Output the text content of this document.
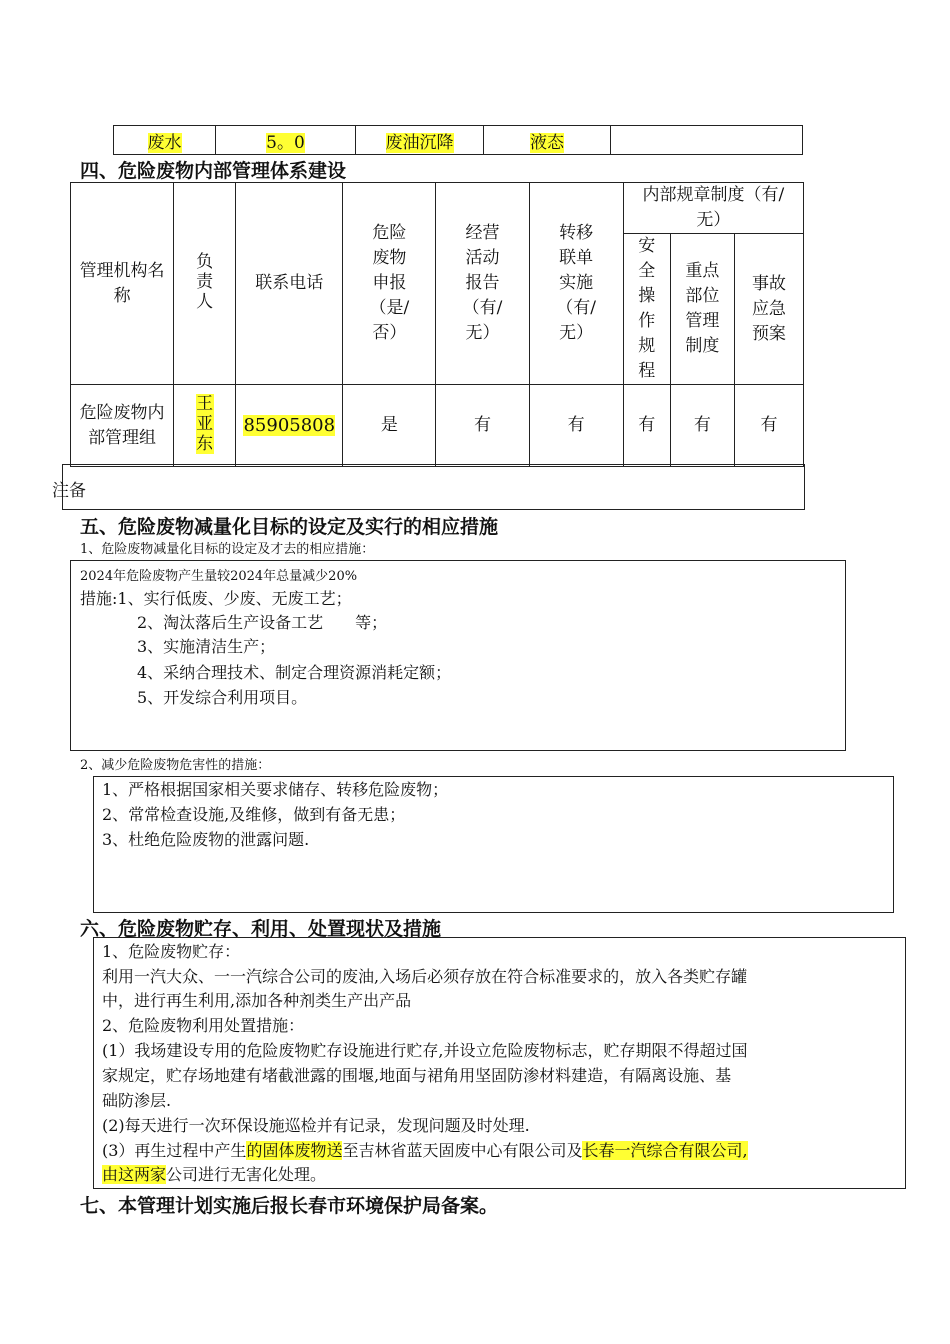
废水	5。0	废油沉降	液态	
四、危险废物内部管理体系建设
管理机构名称	负责人	联系电话	危险废物申报（是/否）	经营活动报告（有/无）	转移联单实施（有/无）	内部规章制度（有/无）		

						安全操作规程	重点部位管理制度	事故应急预案

危险废物内部管理组	王亚东	85905808	是	有	有	有	有	有
注备
五、危险废物减量化目标的设定及实行的相应措施
1、危险废物减量化目标的设定及才去的相应措施：
2024年危险废物产生量较2024年总量减少20%
措施:1、实行低废、少废、无废工艺；
2、淘汰落后生产设备工艺　　等；
3、实施清洁生产；
4、采纳合理技术、制定合理资源消耗定额；
5、开发综合利用项目。
2、减少危险废物危害性的措施：
1、严格根据国家相关要求储存、转移危险废物；
2、常常检查设施,及维修，做到有备无患；
3、杜绝危险废物的泄露问题.
六、危险废物贮存、利用、处置现状及措施
1、危险废物贮存：
利用一汽大众、一一汽综合公司的废油,入场后必须存放在符合标准要求的，放入各类贮存罐
中，进行再生利用,添加各种剂类生产出产品
2、危险废物利用处置措施：
(1）我场建设专用的危险废物贮存设施进行贮存,并设立危险废物标志，贮存期限不得超过国
家规定，贮存场地建有堵截泄露的围堰,地面与裙角用坚固防渗材料建造，有隔离设施、基
础防渗层.
(2)每天进行一次环保设施巡检并有记录，发现问题及时处理.
(3）再生过程中产生的固体废物送至吉林省蓝天固废中心有限公司及长春一汽综合有限公司,
由这两家公司进行无害化处理。
七、本管理计划实施后报长春市环境保护局备案。
